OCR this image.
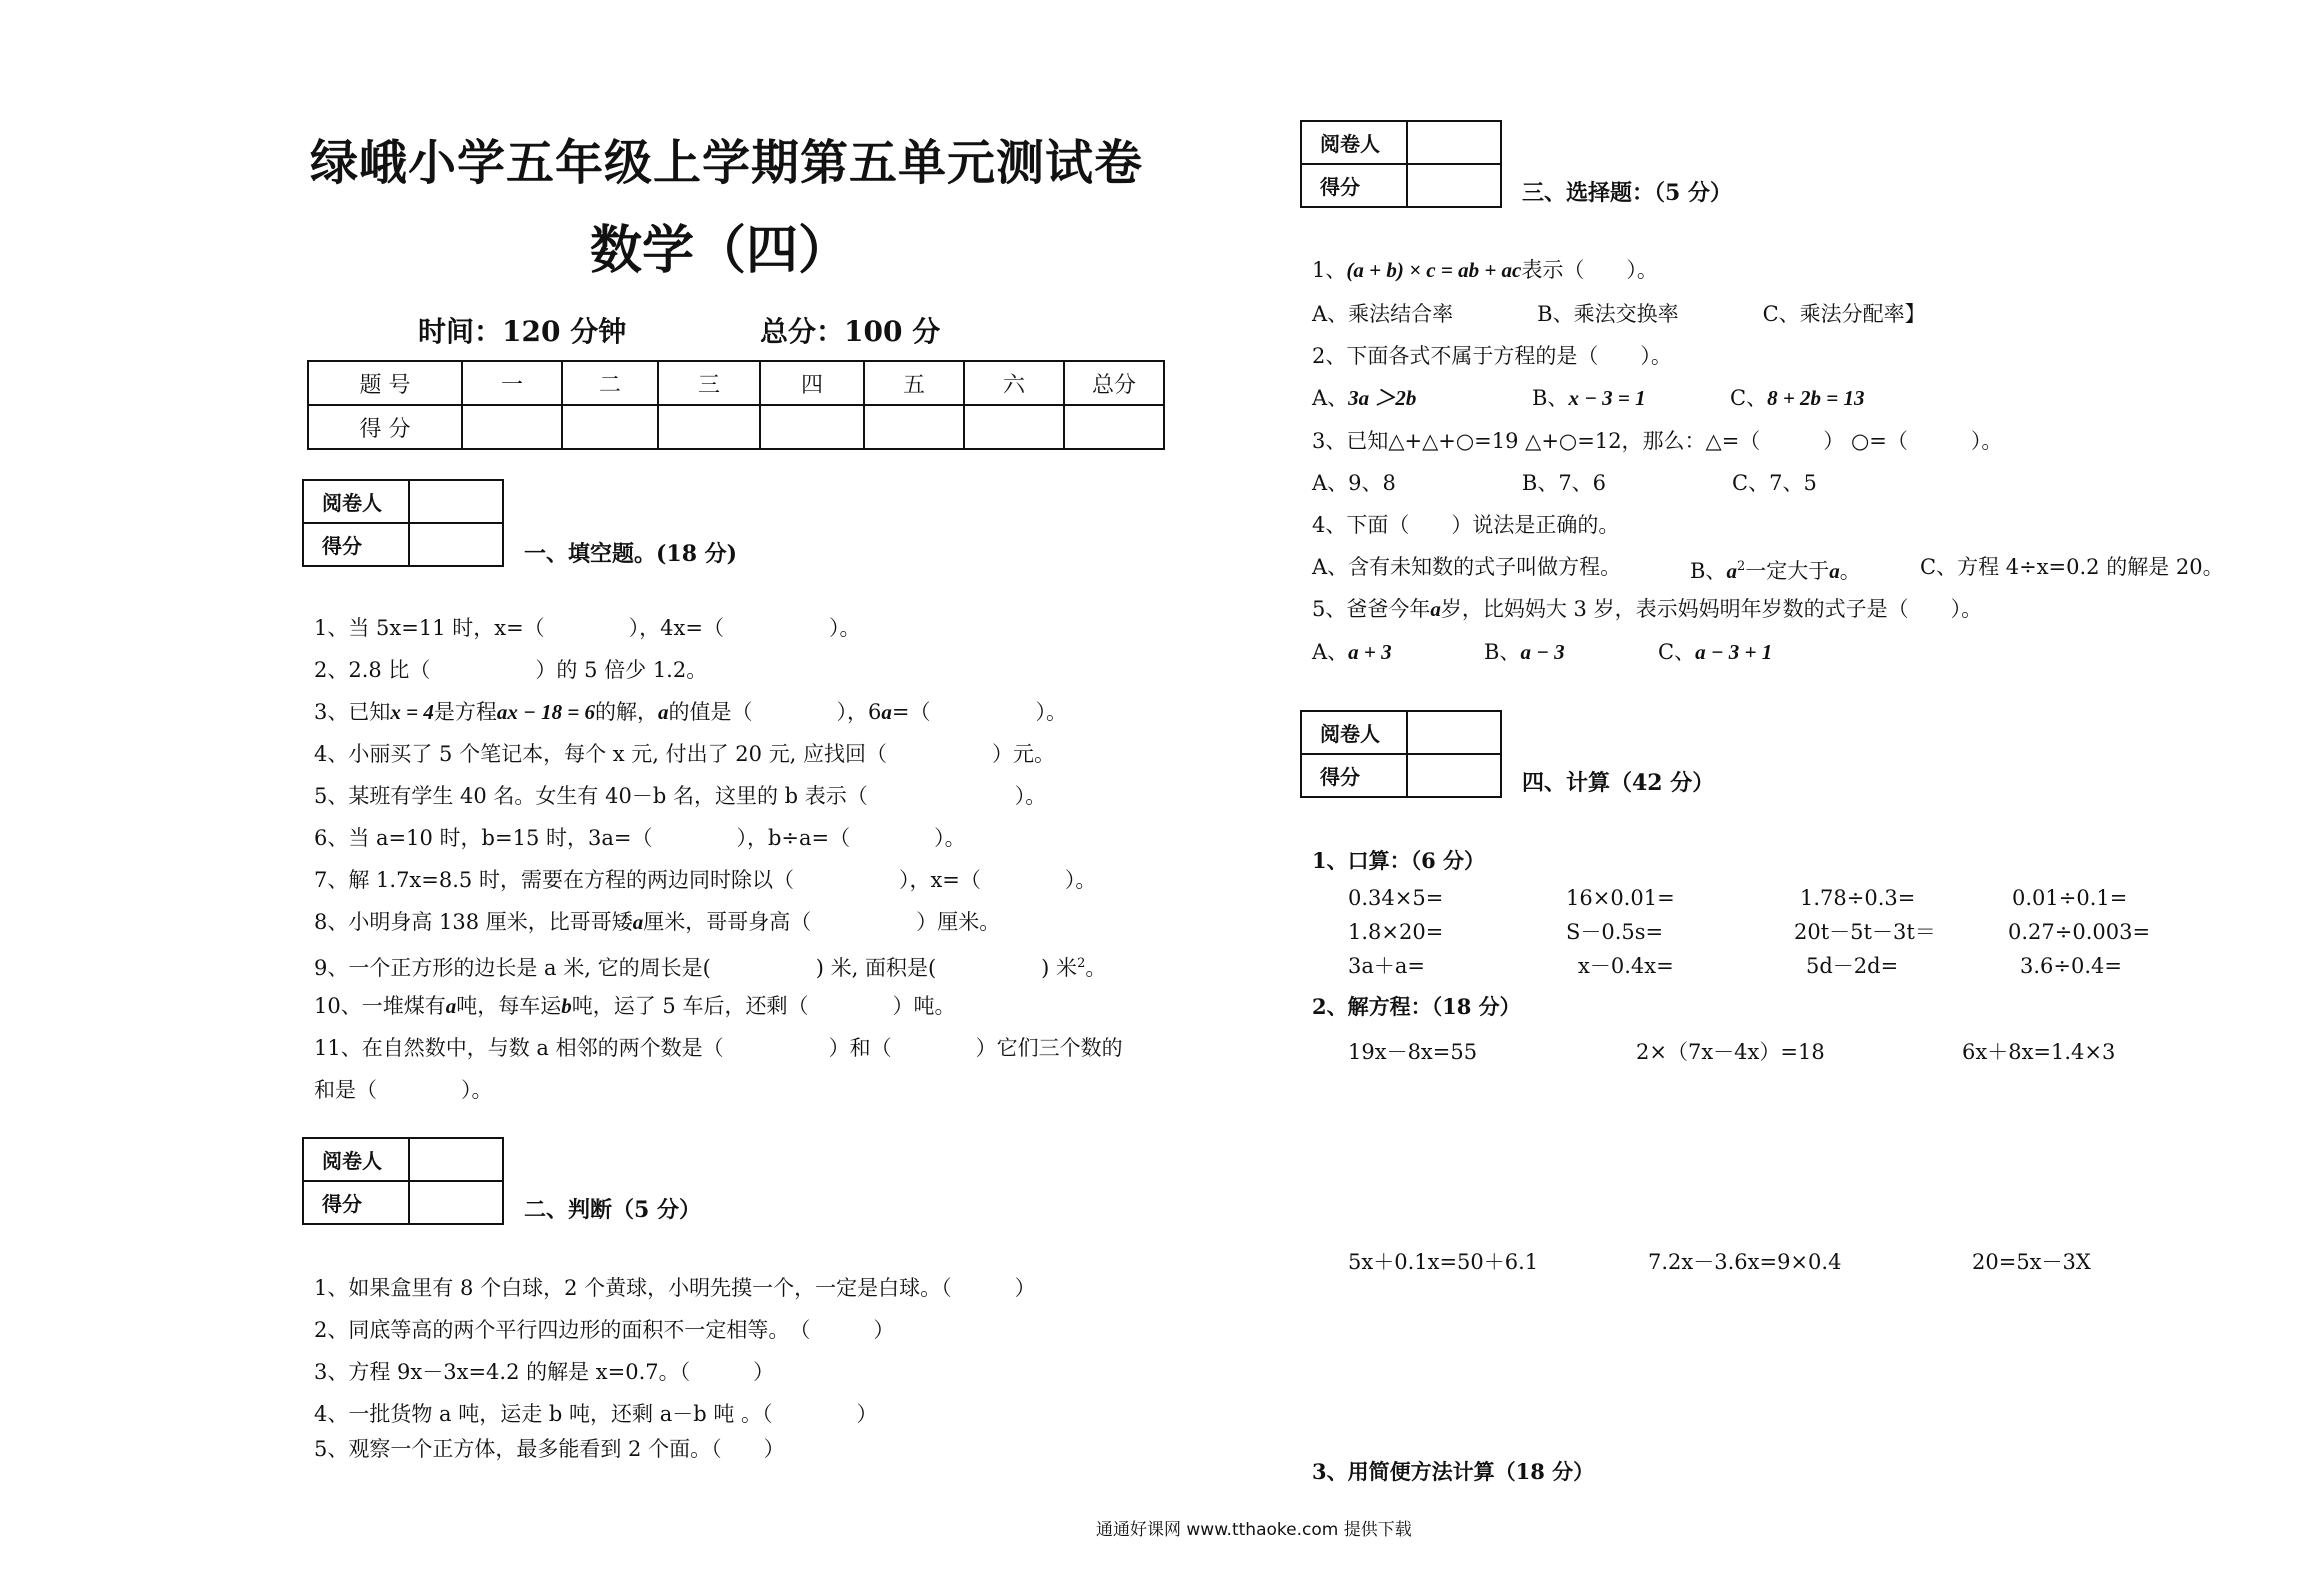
绿峨小学五年级上学期第五单元测试卷
数学（四）
时间：120 分钟	总分：100 分
题 号	一	二	三	四	五	六	总分
得 分							
阅卷人	
得分		一、填空题。(18 分)
1、当 5x=11 时，x=（　　　　），4x=（　　　　　）。
2、2.8 比（　　　　　）的 5 倍少 1.2。
3、已知x = 4是方程ax − 18 = 6的解，a的值是（　　　　），6a=（　　　　　）。
4、小丽买了 5 个笔记本，每个 x 元, 付出了 20 元, 应找回（　　　　　）元。
5、某班有学生 40 名。女生有 40－b 名，这里的 b 表示（　　　　　　　）。
6、当 a=10 时，b=15 时，3a=（　　　　），b÷a=（　　　　）。
7、解 1.7x=8.5 时，需要在方程的两边同时除以（　　　　　），x=（　　　　）。
8、小明身高 138 厘米，比哥哥矮a厘米，哥哥身高（　　　　　）厘米。
9、一个正方形的边长是 a 米, 它的周长是(　　　　　) 米, 面积是(　　　　　) 米$^2$。
10、一堆煤有a吨，每车运b吨，运了 5 车后，还剩（　　　　）吨。
11、在自然数中，与数 a 相邻的两个数是（　　　　　）和（　　　　）它们三个数的
和是（　　　　）。
阅卷人	
得分		二、判断（5 分）
1、如果盒里有 8 个白球，2 个黄球，小明先摸一个，一定是白球。（　　　）
2、同底等高的两个平行四边形的面积不一定相等。　（　　　）
3、方程 9x－3x=4.2 的解是 x=0.7。（　　　）
4、一批货物 a 吨，运走 b 吨，还剩 a－b 吨 。（　　　　）
5、观察一个正方体，最多能看到 2 个面。（　　）
阅卷人	
得分		三、选择题：（5 分）
1、(a + b) × c = ab + ac表示（　　）。
A、乘法结合率　　　　B、乘法交换率　　　　C、乘法分配率】
2、下面各式不属于方程的是（　　）。
A、3a ＞2b	B、x − 3 = 1	C、8 + 2b = 13
3、已知△+△+○=19 △+○=12，那么：△=（　　　） ○=（　　　）。
A、9、8　　　　　　B、7、6　　　　　　C、7、5
4、下面（　　）说法是正确的。
A、含有未知数的式子叫做方程。	B、$a^2$一定大于a。	C、方程 4÷x=0.2 的解是 20。
5、爸爸今年a岁，比妈妈大 3 岁，表示妈妈明年岁数的式子是（　　）。
A、a + 3	B、a − 3	C、a − 3 + 1
阅卷人	
得分		四、计算（42 分）
1、口算：（6 分）
0.34×5=	16×0.01=	1.78÷0.3=	0.01÷0.1=
1.8×20=	S－0.5s=	20t－5t－3t＝	0.27÷0.003=
3a＋a=	x－0.4x=	5d－2d=	3.6÷0.4=
2、解方程：（18 分）
19x－8x=55	2×（7x－4x）=18	6x＋8x=1.4×3
5x＋0.1x=50＋6.1	7.2x－3.6x=9×0.4	20=5x－3X
3、用简便方法计算（18 分）
通通好课网 www.tthaoke.com 提供下载
